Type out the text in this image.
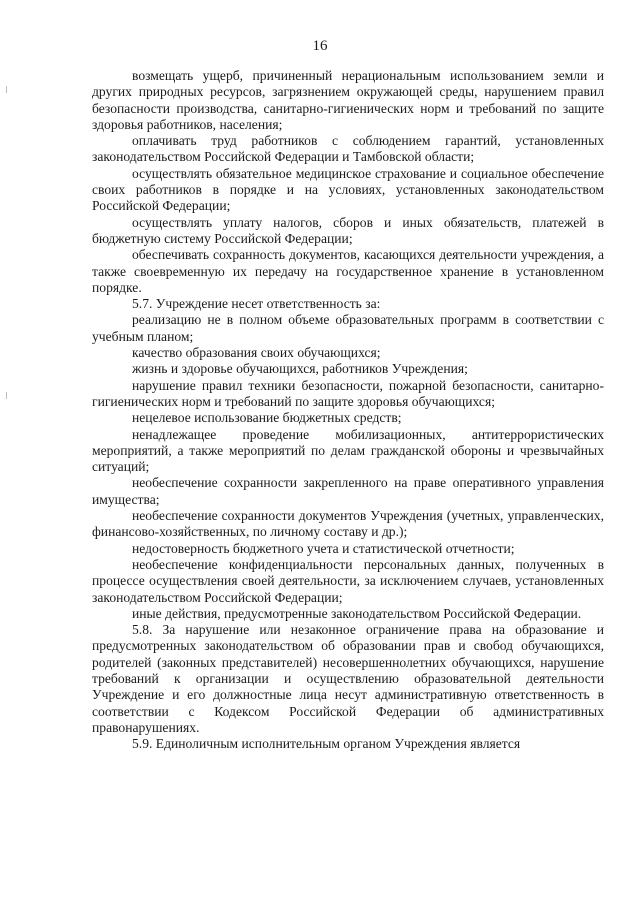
16

возмещать ущерб, причиненный нерациональным использованием земли и других природных ресурсов, загрязнением окружающей среды, нарушением правил безопасности производства, санитарно-гигиенических норм и требований по защите здоровья работников, населения;

оплачивать труд работников с соблюдением гарантий, установленных законодательством Российской Федерации и Тамбовской области;

осуществлять обязательное медицинское страхование и социальное обеспечение своих работников в порядке и на условиях, установленных законодательством Российской Федерации;

осуществлять уплату налогов, сборов и иных обязательств, платежей в бюджетную систему Российской Федерации;

обеспечивать сохранность документов, касающихся деятельности учреждения, а также своевременную их передачу на государственное хранение в установленном порядке.

5.7. Учреждение несет ответственность за:

реализацию не в полном объеме образовательных программ в соответствии с учебным планом;

качество образования своих обучающихся;

жизнь и здоровье обучающихся, работников Учреждения;

нарушение правил техники безопасности, пожарной безопасности, санитарно-гигиенических норм и требований по защите здоровья обучающихся;

нецелевое использование бюджетных средств;

ненадлежащее проведение мобилизационных, антитеррористических мероприятий, а также мероприятий по делам гражданской обороны и чрезвычайных ситуаций;

необеспечение сохранности закрепленного на праве оперативного управления имущества;

необеспечение сохранности документов Учреждения (учетных, управленческих, финансово-хозяйственных, по личному составу и др.);

недостоверность бюджетного учета и статистической отчетности;

необеспечение конфиденциальности персональных данных, полученных в процессе осуществления своей деятельности, за исключением случаев, установленных законодательством Российской Федерации;

иные действия, предусмотренные законодательством Российской Федерации.

5.8. За нарушение или незаконное ограничение права на образование и предусмотренных законодательством об образовании прав и свобод обучающихся, родителей (законных представителей) несовершеннолетних обучающихся, нарушение требований к организации и осуществлению образовательной деятельности Учреждение и его должностные лица несут административную ответственность в соответствии с Кодексом Российской Федерации об административных правонарушениях.

5.9. Единоличным исполнительным органом Учреждения является
